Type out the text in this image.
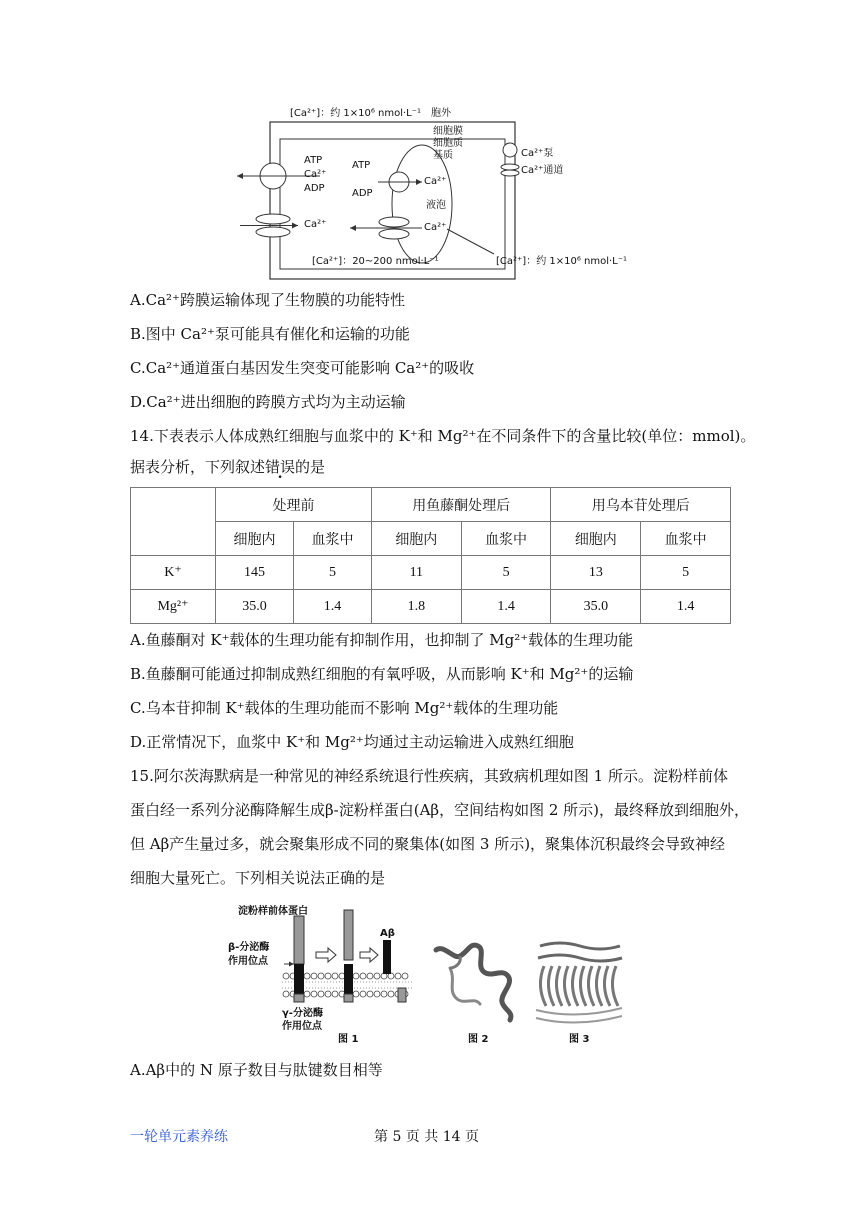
[Ca²⁺]：约 1×10⁶ nmol·L⁻¹　胞外
细胞膜
细胞质
基质
ATP
Ca²⁺
ADP
Ca²⁺
ATP
ADP
Ca²⁺
液泡
Ca²⁺
[Ca²⁺]：20~200 nmol·L⁻¹	[Ca²⁺]：约 1×10⁶ nmol·L⁻¹
Ca²⁺泵
Ca²⁺通道
A.Ca²⁺跨膜运输体现了生物膜的功能特性
B.图中 Ca²⁺泵可能具有催化和运输的功能
C.Ca²⁺通道蛋白基因发生突变可能影响 Ca²⁺的吸收
D.Ca²⁺进出细胞的跨膜方式均为主动运输
14.下表表示人体成熟红细胞与血浆中的 K⁺和 Mg²⁺在不同条件下的含量比较(单位：mmol)。
据表分析，下列叙述错误的是
	处理前		用鱼藤酮处理后		用乌本苷处理后	
	细胞内	血浆中	细胞内	血浆中	细胞内	血浆中
K⁺	145	5	11	5	13	5
Mg²⁺	35.0	1.4	1.8	1.4	35.0	1.4
A.鱼藤酮对 K⁺载体的生理功能有抑制作用，也抑制了 Mg²⁺载体的生理功能
B.鱼藤酮可能通过抑制成熟红细胞的有氧呼吸，从而影响 K⁺和 Mg²⁺的运输
C.乌本苷抑制 K⁺载体的生理功能而不影响 Mg²⁺载体的生理功能
D.正常情况下，血浆中 K⁺和 Mg²⁺均通过主动运输进入成熟红细胞
15.阿尔茨海默病是一种常见的神经系统退行性疾病，其致病机理如图 1 所示。淀粉样前体
蛋白经一系列分泌酶降解生成β-淀粉样蛋白(Aβ，空间结构如图 2 所示)，最终释放到细胞外，
但 Aβ产生量过多，就会聚集形成不同的聚集体(如图 3 所示)，聚集体沉积最终会导致神经
细胞大量死亡。下列相关说法正确的是
淀粉样前体蛋白
β-分泌酶
作用位点
Aβ
γ-分泌酶
作用位点
图 1	图 2	图 3
A.Aβ中的 N 原子数目与肽键数目相等
一轮单元素养练	第 5 页 共 14 页
